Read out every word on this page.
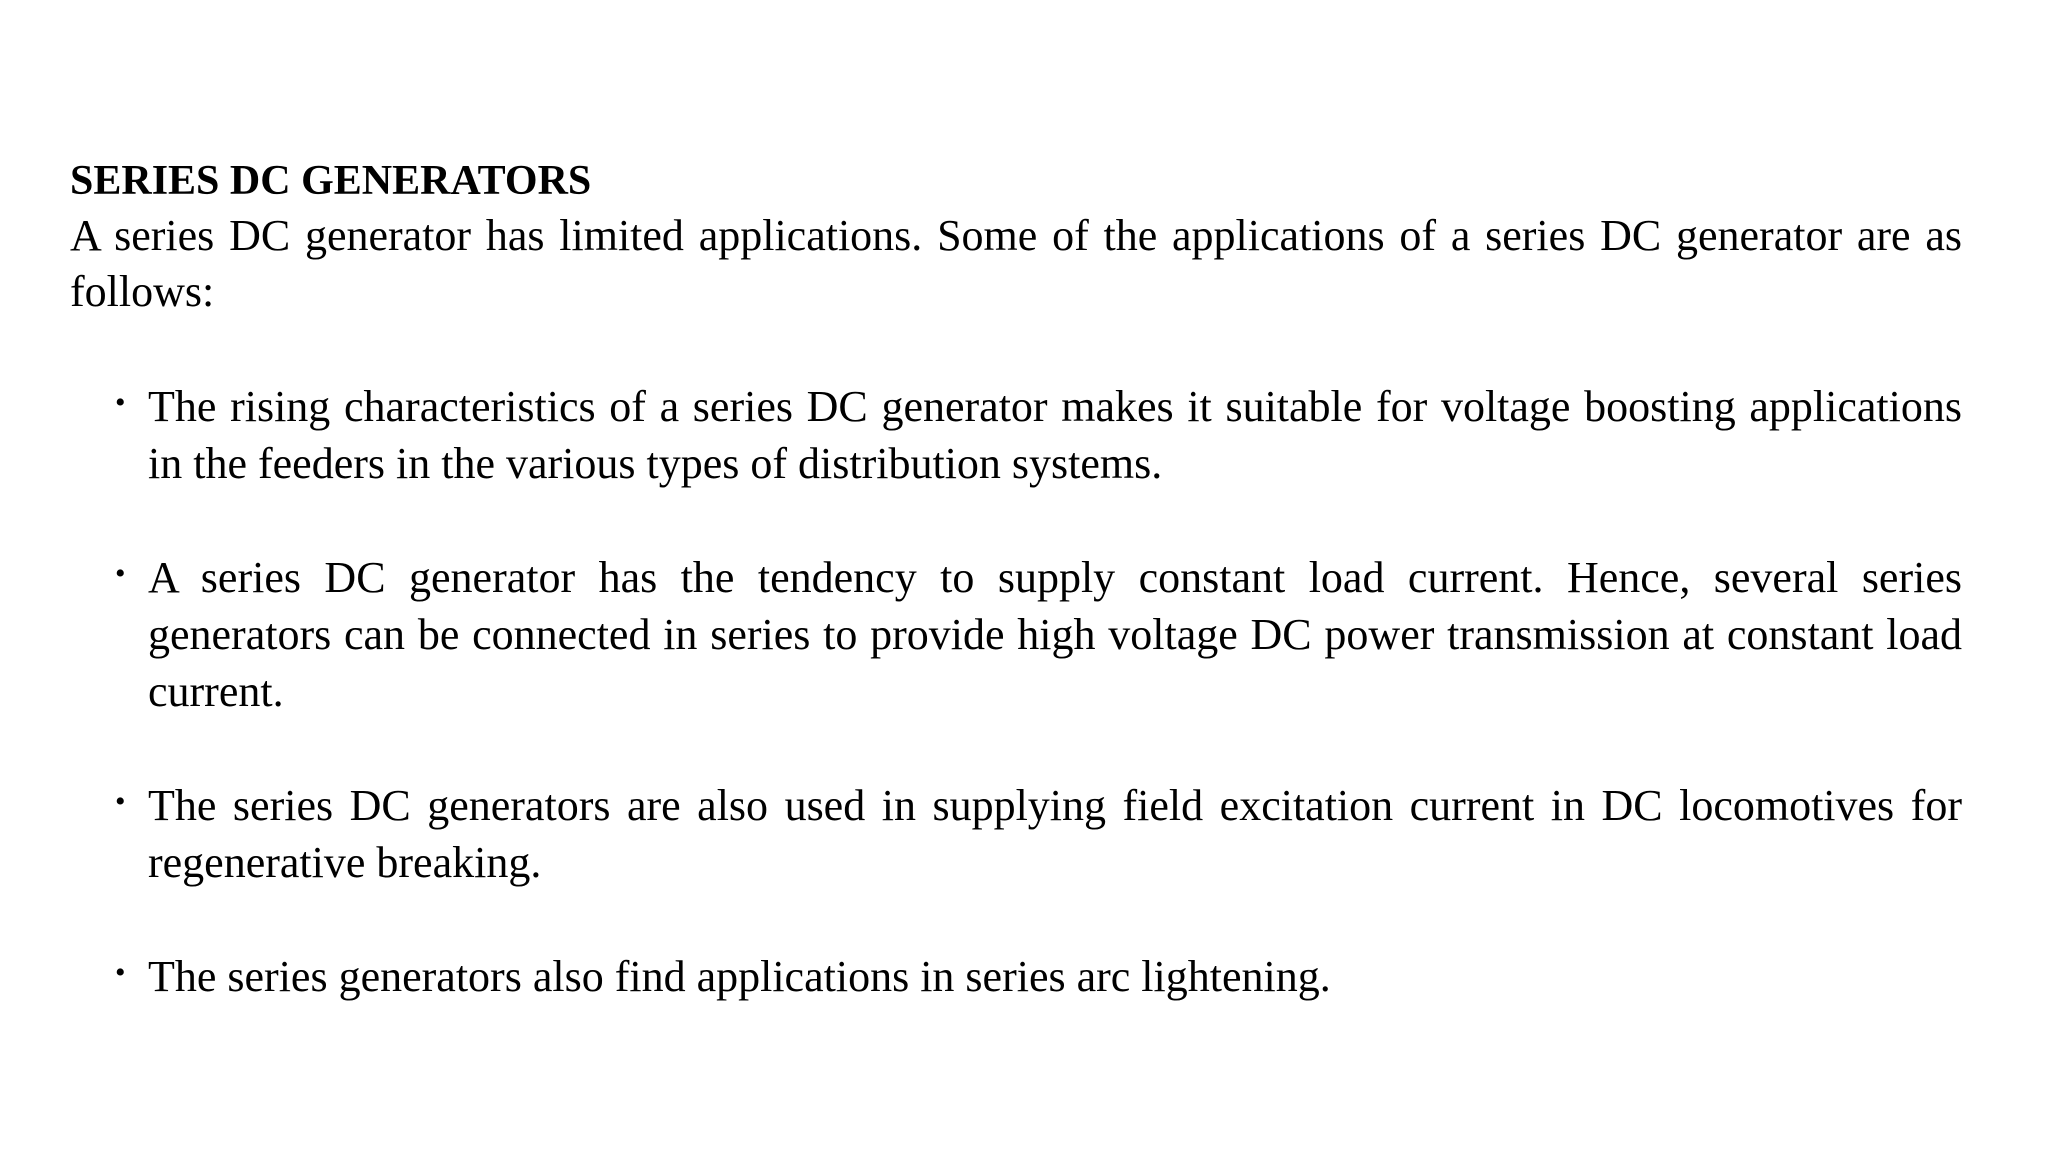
SERIES DC GENERATORS

A series DC generator has limited applications. Some of the applications of a series DC generator are as follows:

• The rising characteristics of a series DC generator makes it suitable for voltage boosting applications in the feeders in the various types of distribution systems.
• A series DC generator has the tendency to supply constant load current. Hence, several series generators can be connected in series to provide high voltage DC power transmission at constant load current.
• The series DC generators are also used in supplying field excitation current in DC locomotives for regenerative breaking.
• The series generators also find applications in series arc lightening.
